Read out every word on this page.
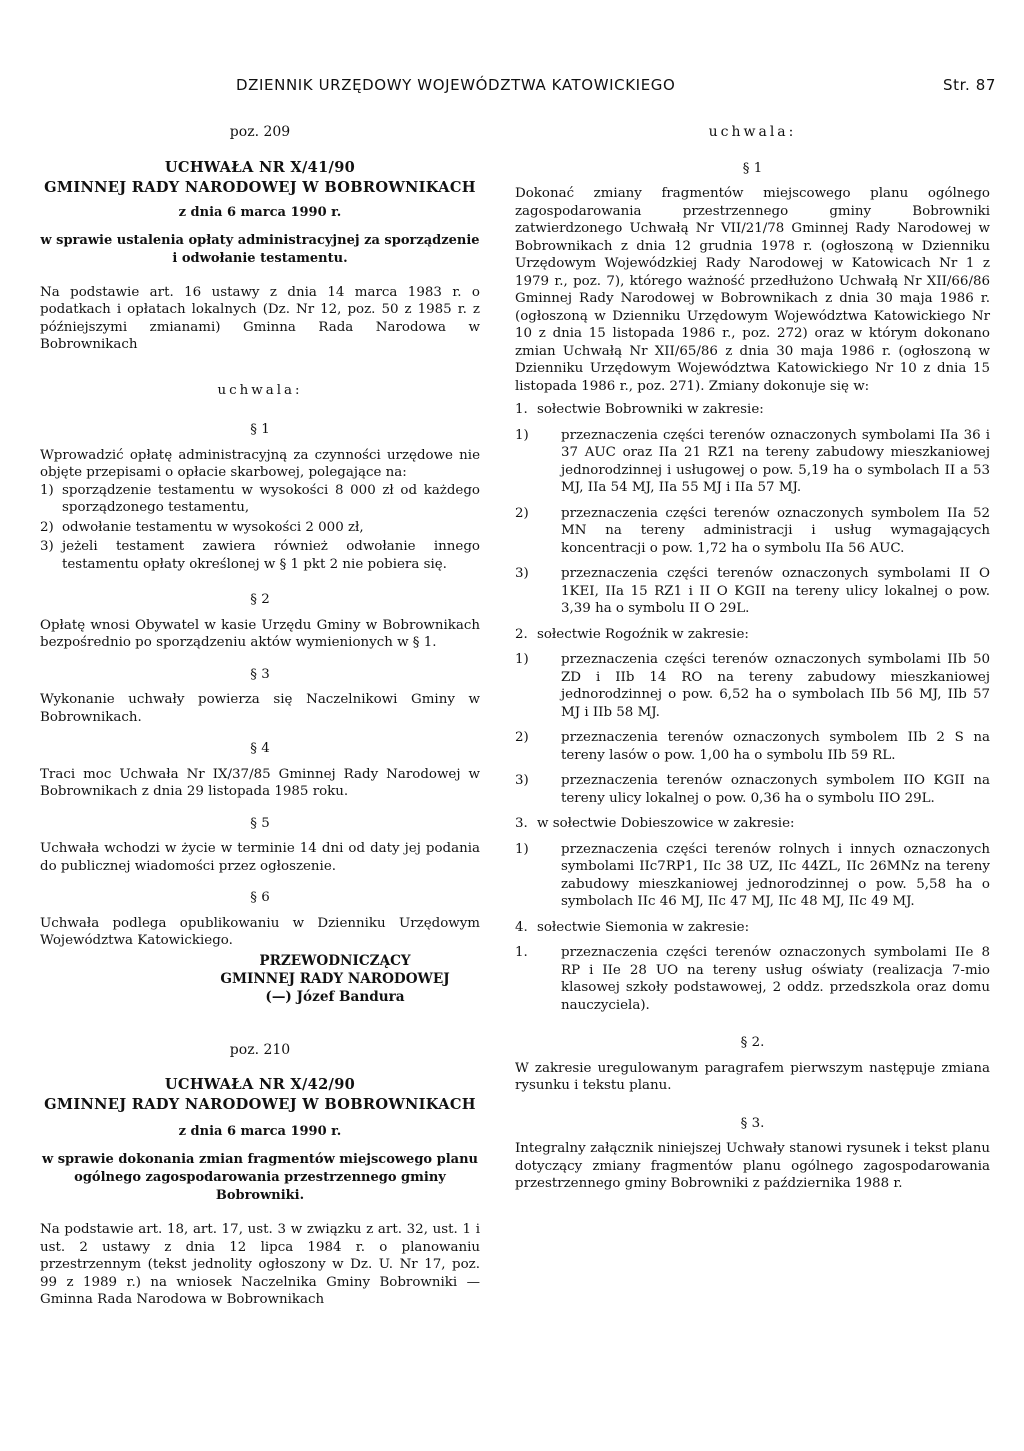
DZIENNIK URZĘDOWY WOJEWÓDZTWA KATOWICKIEGO	Str. 87
poz. 209
UCHWAŁA NR X/41/90
GMINNEJ RADY NARODOWEJ W BOBROWNIKACH
z dnia 6 marca 1990 r.
w sprawie ustalenia opłaty administracyjnej za sporządzenie i odwołanie testamentu.

Na podstawie art. 16 ustawy z dnia 14 marca 1983 r. o podatkach i opłatach lokalnych (Dz. Nr 12, poz. 50 z 1985 r. z późniejszymi zmianami) Gminna Rada Narodowa w Bobrownikach

uchwala:
§ 1

Wprowadzić opłatę administracyjną za czynności urzędowe nie objęte przepisami o opłacie skarbowej, polegające na:

1) sporządzenie testamentu w wysokości 8 000 zł od każdego sporządzonego testamentu,
2) odwołanie testamentu w wysokości 2 000 zł,
3) jeżeli testament zawiera również odwołanie innego testamentu opłaty określonej w § 1 pkt 2 nie pobiera się.
§ 2

Opłatę wnosi Obywatel w kasie Urzędu Gminy w Bobrownikach bezpośrednio po sporządzeniu aktów wymienionych w § 1.

§ 3

Wykonanie uchwały powierza się Naczelnikowi Gminy w Bobrownikach.

§ 4

Traci moc Uchwała Nr IX/37/85 Gminnej Rady Narodowej w Bobrownikach z dnia 29 listopada 1985 roku.

§ 5

Uchwała wchodzi w życie w terminie 14 dni od daty jej podania do publicznej wiadomości przez ogłoszenie.

§ 6

Uchwała podlega opublikowaniu w Dzienniku Urzędowym Województwa Katowickiego.

PRZEWODNICZĄCY
GMINNEJ RADY NARODOWEJ
(—) Józef Bandura
poz. 210
UCHWAŁA NR X/42/90
GMINNEJ RADY NARODOWEJ W BOBROWNIKACH
z dnia 6 marca 1990 r.
w sprawie dokonania zmian fragmentów miejscowego planu ogólnego zagospodarowania przestrzennego gminy Bobrowniki.

Na podstawie art. 18, art. 17, ust. 3 w związku z art. 32, ust. 1 i ust. 2 ustawy z dnia 12 lipca 1984 r. o planowaniu przestrzennym (tekst jednolity ogłoszony w Dz. U. Nr 17, poz. 99 z 1989 r.) na wniosek Naczelnika Gminy Bobrowniki — Gminna Rada Narodowa w Bobrownikach

uchwala:
§ 1

Dokonać zmiany fragmentów miejscowego planu ogólnego zagospodarowania przestrzennego gminy Bobrowniki zatwierdzonego Uchwałą Nr VII/21/78 Gminnej Rady Narodowej w Bobrownikach z dnia 12 grudnia 1978 r. (ogłoszoną w Dzienniku Urzędowym Wojewódzkiej Rady Narodowej w Katowicach Nr 1 z 1979 r., poz. 7), którego ważność przedłużono Uchwałą Nr XII/66/86 Gminnej Rady Narodowej w Bobrownikach z dnia 30 maja 1986 r. (ogłoszoną w Dzienniku Urzędowym Województwa Katowickiego Nr 10 z dnia 15 listopada 1986 r., poz. 272) oraz w którym dokonano zmian Uchwałą Nr XII/65/86 z dnia 30 maja 1986 r. (ogłoszoną w Dzienniku Urzędowym Województwa Katowickiego Nr 10 z dnia 15 listopada 1986 r., poz. 271). Zmiany dokonuje się w:

1. sołectwie Bobrowniki w zakresie:
1)	przeznaczenia części terenów oznaczonych symbolami IIa 36 i 37 AUC oraz IIa 21 RZ1 na tereny zabudowy mieszkaniowej jednorodzinnej i usługowej o pow. 5,19 ha o symbolach II a 53 MJ, IIa 54 MJ, IIa 55 MJ i IIa 57 MJ.
2)	przeznaczenia części terenów oznaczonych symbolem IIa 52 MN na tereny administracji i usług wymagających koncentracji o pow. 1,72 ha o symbolu IIa 56 AUC.
3)	przeznaczenia części terenów oznaczonych symbolami II O 1KEI, IIa 15 RZ1 i II O KGII na tereny ulicy lokalnej o pow. 3,39 ha o symbolu II O 29L.
2. sołectwie Rogoźnik w zakresie:
1)	przeznaczenia części terenów oznaczonych symbolami IIb 50 ZD i IIb 14 RO na tereny zabudowy mieszkaniowej jednorodzinnej o pow. 6,52 ha o symbolach IIb 56 MJ, IIb 57 MJ i IIb 58 MJ.
2)	przeznaczenia terenów oznaczonych symbolem IIb 2 S na tereny lasów o pow. 1,00 ha o symbolu IIb 59 RL.
3)	przeznaczenia terenów oznaczonych symbolem IIO KGII na tereny ulicy lokalnej o pow. 0,36 ha o symbolu IIO 29L.
3. w sołectwie Dobieszowice w zakresie:
1)	przeznaczenia części terenów rolnych i innych oznaczonych symbolami IIc7RP1, IIc 38 UZ, IIc 44ZL, IIc 26MNz na tereny zabudowy mieszkaniowej jednorodzinnej o pow. 5,58 ha o symbolach IIc 46 MJ, IIc 47 MJ, IIc 48 MJ, IIc 49 MJ.
4. sołectwie Siemonia w zakresie:
1.	przeznaczenia części terenów oznaczonych symbolami IIe 8 RP i IIe 28 UO na tereny usług oświaty (realizacja 7-mio klasowej szkoły podstawowej, 2 oddz. przedszkola oraz domu nauczyciela).
§ 2.

W zakresie uregulowanym paragrafem pierwszym następuje zmiana rysunku i tekstu planu.

§ 3.

Integralny załącznik niniejszej Uchwały stanowi rysunek i tekst planu dotyczący zmiany fragmentów planu ogólnego zagospodarowania przestrzennego gminy Bobrowniki z października 1988 r.
